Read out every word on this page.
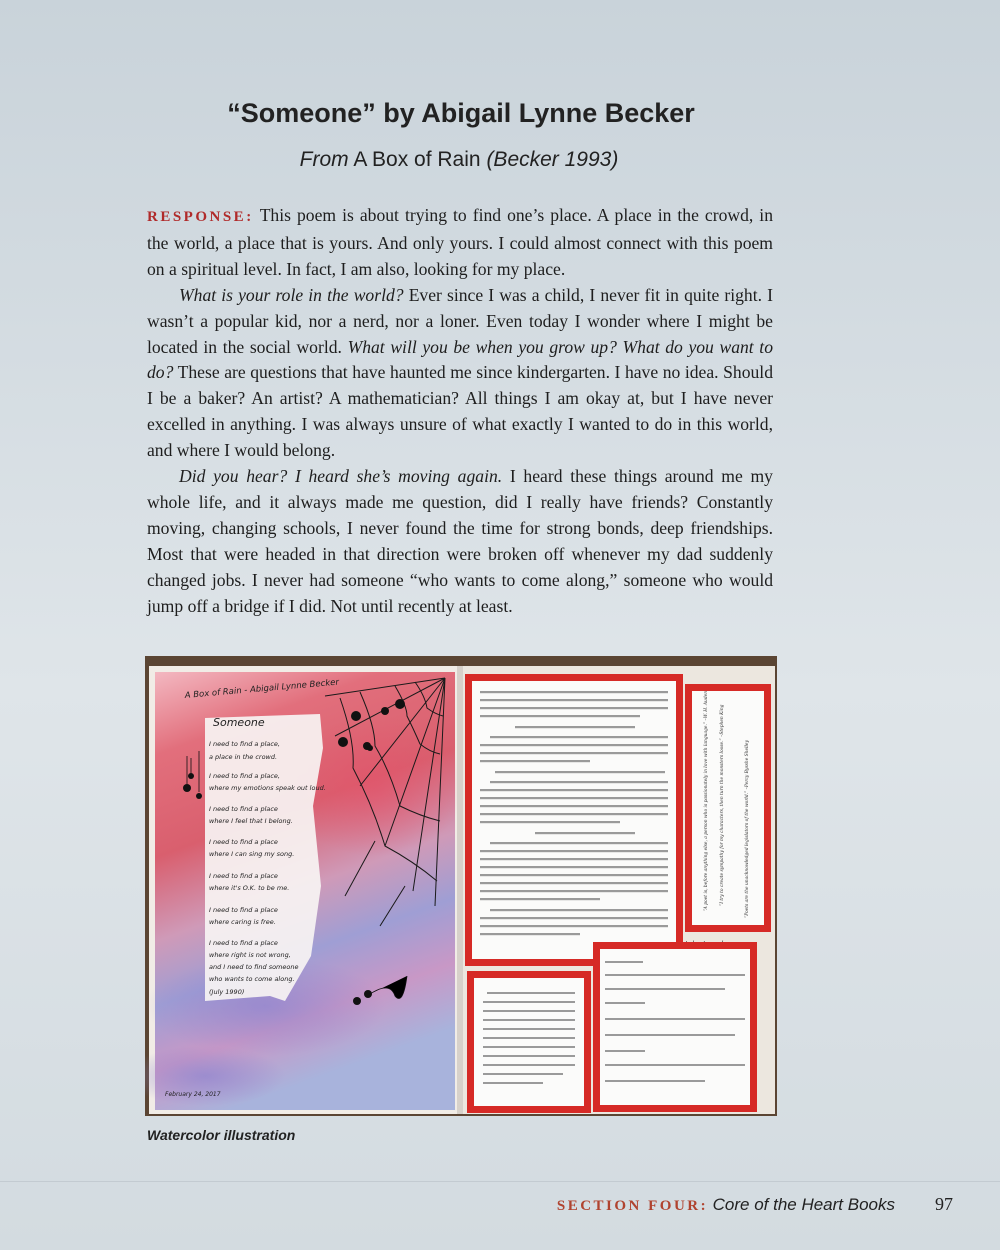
“Someone” by Abigail Lynne Becker
From A Box of Rain (Becker 1993)

RESPONSE: This poem is about trying to find one’s place. A place in the crowd, in the world, a place that is yours. And only yours. I could almost connect with this poem on a spiritual level. In fact, I am also, looking for my place.

What is your role in the world? Ever since I was a child, I never fit in quite right. I wasn’t a popular kid, nor a nerd, nor a loner. Even today I wonder where I might be located in the social world. What will you be when you grow up? What do you want to do? These are questions that have haunted me since kindergarten. I have no idea. Should I be a baker? An artist? A mathematician? All things I am okay at, but I have never excelled in anything. I was always unsure of what exactly I wanted to do in this world, and where I would belong.

Did you hear? I heard she’s moving again. I heard these things around me my whole life, and it always made me question, did I really have friends? Constantly moving, changing schools, I never found the time for strong bonds, deep friendships. Most that were headed in that direction were broken off whenever my dad suddenly changed jobs. I never had someone “who wants to come along,” someone who would jump off a bridge if I did. Not until recently at least.

A Box of Rain - Abigail Lynne Becker
Someone
I need to find a place,
a place in the crowd.
I need to find a place,
where my emotions speak out loud.
I need to find a place
where I feel that I belong.
I need to find a place
where I can sing my song.
I need to find a place
where it's O.K. to be me.
I need to find a place
where caring is free.
I need to find a place
where right is not wrong,
and I need to find someone
who wants to come along.
(July 1990)
February 24, 2017
“A poet is, before anything else, a person who is passionately in love with language.” –W. H. Auden	“I try to create sympathy for my characters, then turn the monsters loose.” –Stephen King	“Poets are the unacknowledged legislators of the world.” –Percy Bysshe Shelley
Watercolor illustration
SECTION FOUR: Core of the Heart Books 97
